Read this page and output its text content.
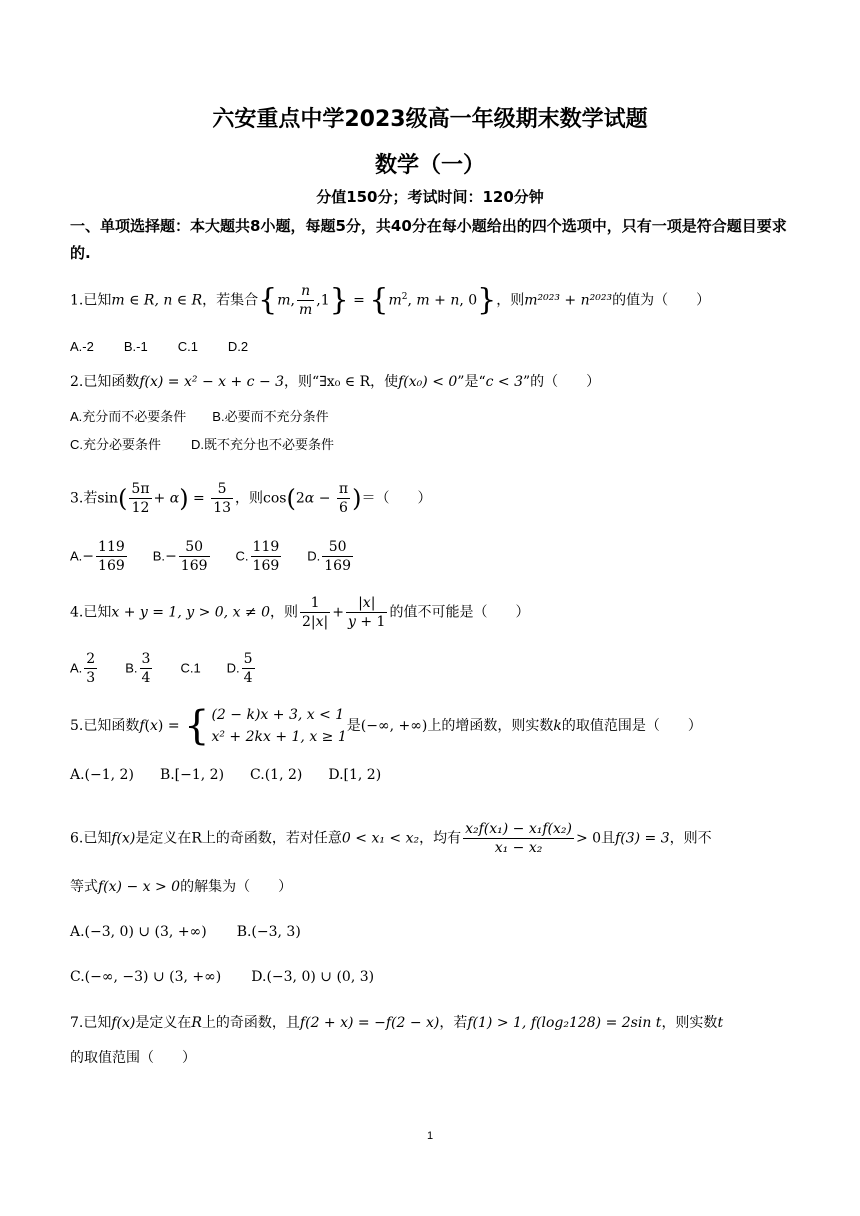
六安重点中学2023级高一年级期末数学试题
数学（一）
分值150分；考试时间：120分钟
一、单项选择题：本大题共8小题，每题5分，共40分在每小题给出的四个选项中，只有一项是符合题目要求的.
1.已知m ∈ R, n ∈ R，若集合{m, $\frac{n}{m} ,1\} = \{m^2$, m + n, 0}，则m²⁰²³ + n²⁰²³的值为（　　）
A.-2 B.-1 C.1 D.2
2.已知函数f(x) = x² − x + c − 3，则“∃x₀ ∈ R，使f(x₀) < 0”是“c < 3”的（　　）
A.充分而不必要条件 B.必要而不充分条件
C.充分必要条件 D.既不充分也不必要条件
3.若$\sin( \frac{5\pi}{12} + \alpha) = \frac{5}{13}$ ，则$\cos(2\alpha - \frac{\pi}{6}$ )＝（　　）
$A.- \frac{119}{169} B.- \frac{50}{169} C$. $\frac{119}{169} D$. $\frac{50}{169}$
4.已知x + y = 1, y > 0, x ≠ 0，则 $\frac{1}{2|x|} + \frac{|x|}{y + 1}$ 的值不可能是（　　）
A. $\frac{2}{3} B$. $\frac{3}{4} C.1$ D. $\frac{5}{4}$
5.已知函数f(x) = { (2 − k)x + 3, x < 1
x² + 2kx + 1, x ≥ 1
是(−∞, +∞)上的增函数，则实数k的取值范围是（　　）
A.(−1, 2) B.[−1, 2) C.(1, 2) D.[1, 2)
6.已知f(x)是定义在R上的奇函数，若对任意0 < x₁ < x₂，均有 $\frac{\text{x₂f(x₁) − x₁f(x₂)}}{\text{x₁ − x₂}} > 0$且f(3) = 3，则不
等式f(x) − x > 0的解集为（　　）
A.(−3, 0) ∪ (3, +∞) B.(−3, 3)
C.(−∞, −3) ∪ (3, +∞) D.(−3, 0) ∪ (0, 3)
7.已知f(x)是定义在R上的奇函数，且f(2 + x) = −f(2 − x)，若f(1) > 1, f(log₂128) = 2sin t，则实数t
的取值范围（　　）
1
